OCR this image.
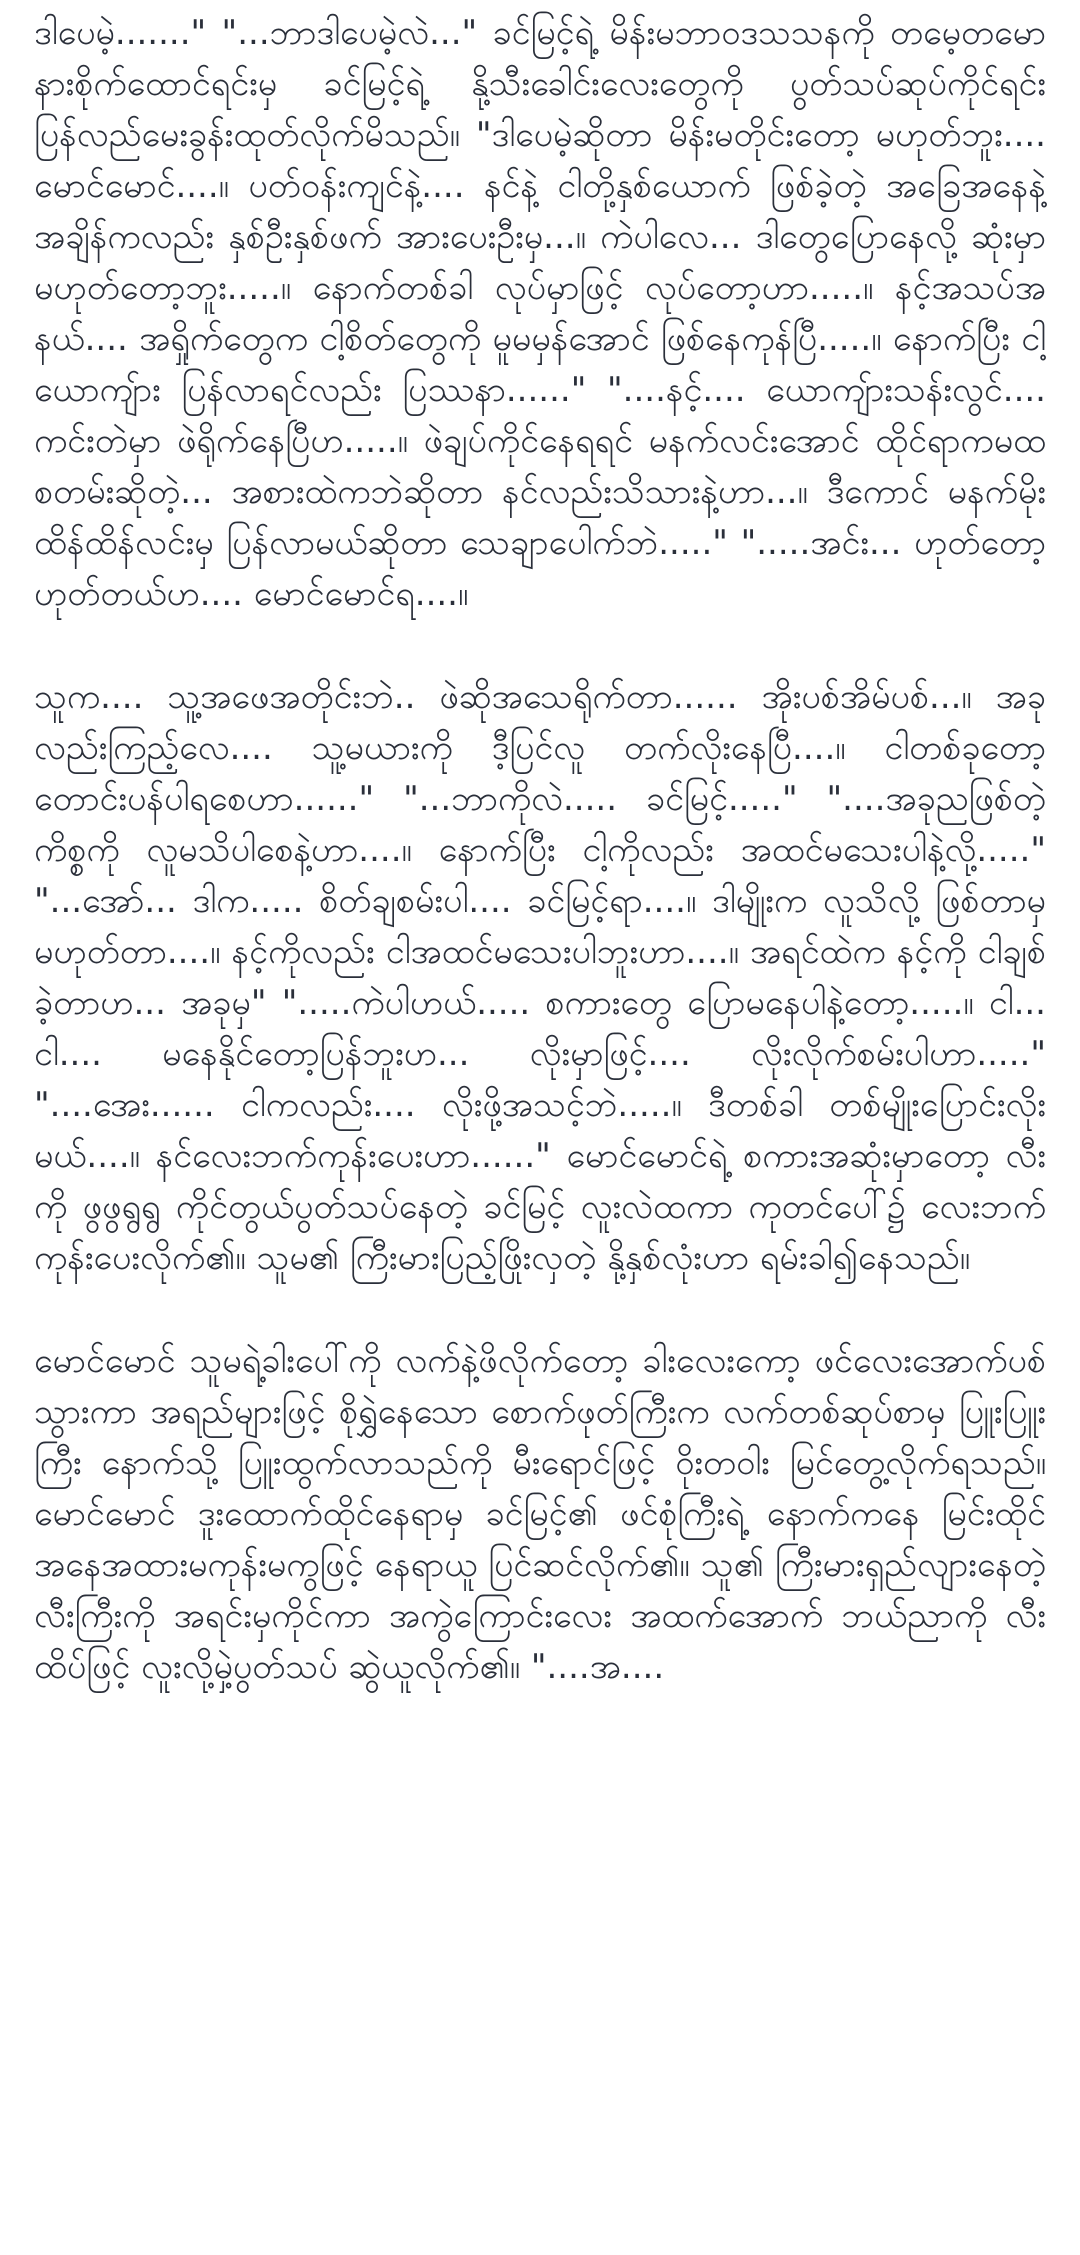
ဒါပေမဲ့......." "...ဘာဒါပေမဲ့လဲ..." ခင်မြင့်ရဲ့ မိန်းမဘာဝဒသသနကို တမေ့တမော နားစိုက်ထောင်ရင်းမှ ခင်မြင့်ရဲ့ နို့သီးခေါင်းလေးတွေကို ပွတ်သပ်ဆုပ်ကိုင်ရင်း ပြန်လည်မေးခွန်းထုတ်လိုက်မိသည်။ "ဒါပေမဲ့ဆိုတာ မိန်းမတိုင်းတော့ မဟုတ်ဘူး.... မောင်မောင်....။ ပတ်ဝန်းကျင်နဲ့.... နင်နဲ့ ငါတို့နှစ်ယောက် ဖြစ်ခဲ့တဲ့ အခြေအနေနဲ့ အချိန်ကလည်း နှစ်ဦးနှစ်ဖက် အားပေးဦးမှ...။ ကဲပါလေ... ဒါတွေပြောနေလို့ ဆုံးမှာမဟုတ်တော့ဘူး.....။ နောက်တစ်ခါ လုပ်မှာဖြင့် လုပ်တော့ဟာ.....။ နင့်အသပ်အနယ်.... အရှိုက်တွေက ငါ့စိတ်တွေကို မူမမှန်အောင် ဖြစ်နေကုန်ပြီ.....။ နောက်ပြီး ငါ့ယောကျ်ား ပြန်လာရင်လည်း ပြဿနာ......" "....နင့်.... ယောကျ်ားသန်းလွင်.... ကင်းတဲမှာ ဖဲရိုက်နေပြီဟ.....။ ဖဲချပ်ကိုင်နေရရင် မနက်လင်းအောင် ထိုင်ရာကမထစတမ်းဆိုတဲ့... အစားထဲကဘဲဆိုတာ နင်လည်းသိသားနဲ့ဟာ...။ ဒီကောင် မနက်မိုးထိန်ထိန်လင်းမှ ပြန်လာမယ်ဆိုတာ သေချာပေါက်ဘဲ....." ".....အင်း... ဟုတ်တော့ဟုတ်တယ်ဟ.... မောင်မောင်ရ....။

သူက.... သူ့အဖေအတိုင်းဘဲ.. ဖဲဆိုအသေရိုက်တာ...... အိုးပစ်အိမ်ပစ်...။ အခုလည်းကြည့်လေ.... သူ့မယားကို ဒီ့ပြင်လူ တက်လိုးနေပြီ....။ ငါတစ်ခုတော့ တောင်းပန်ပါရစေဟာ......" "...ဘာကိုလဲ..... ခင်မြင့်....." "....အခုညဖြစ်တဲ့ ကိစ္စကို လူမသိပါစေနဲ့ဟာ....။ နောက်ပြီး ငါ့ကိုလည်း အထင်မသေးပါနဲ့လို့....." "...အော်... ဒါက..... စိတ်ချစမ်းပါ.... ခင်မြင့်ရာ....။ ဒါမျိုးက လူသိလို့ ဖြစ်တာမှ မဟုတ်တာ....။ နင့်ကိုလည်း ငါအထင်မသေးပါဘူးဟာ....။ အရင်ထဲက နင့်ကို ငါချစ်ခဲ့တာဟ... အခုမှ" ".....ကဲပါဟယ်..... စကားတွေ ပြောမနေပါနဲ့တော့.....။ ငါ... ငါ.... မနေနိုင်တော့ပြန်ဘူးဟ... လိုးမှာဖြင့်.... လိုးလိုက်စမ်းပါဟာ....." "....အေး...... ငါကလည်း.... လိုးဖို့အသင့်ဘဲ.....။ ဒီတစ်ခါ တစ်မျိုးပြောင်းလိုးမယ်....။ နင်လေးဘက်ကုန်းပေးဟာ......" မောင်မောင်ရဲ့ စကားအဆုံးမှာတော့ လီးကို ဖွဖွရွရွ ကိုင်တွယ်ပွတ်သပ်နေတဲ့ ခင်မြင့် လူးလဲထကာ ကုတင်ပေါ်၌ လေးဘက်ကုန်းပေးလိုက်၏။ သူမ၏ ကြီးမားပြည့်ဖြိုးလှတဲ့ နို့နှစ်လုံးဟာ ရမ်းခါ၍နေသည်။

မောင်မောင် သူမရဲ့ခါးပေါ်ကို လက်နဲ့ဖိလိုက်တော့ ခါးလေးကော့ ဖင်လေးအောက်ပစ်သွားကာ အရည်များဖြင့် စိုရွှဲနေသော စောက်ဖုတ်ကြီးက လက်တစ်ဆုပ်စာမှ ပြူးပြူးကြီး နောက်သို့ ပြူးထွက်လာသည်ကို မီးရောင်ဖြင့် ဝိုးတဝါး မြင်တွေ့လိုက်ရသည်။ မောင်မောင် ဒူးထောက်ထိုင်နေရာမှ ခင်မြင့်၏ ဖင်စုံကြီးရဲ့ နောက်ကနေ မြင်းထိုင် အနေအထားမကုန်းမကွဖြင့် နေရာယူ ပြင်ဆင်လိုက်၏။ သူ၏ ကြီးမားရှည်လျားနေတဲ့ လီးကြီးကို အရင်းမှကိုင်ကာ အကွဲကြောင်းလေး အထက်အောက် ဘယ်ညာကို လီးထိပ်ဖြင့် လူးလို့မှဲ့ပွတ်သပ် ဆွဲယူလိုက်၏။ "....အ....
